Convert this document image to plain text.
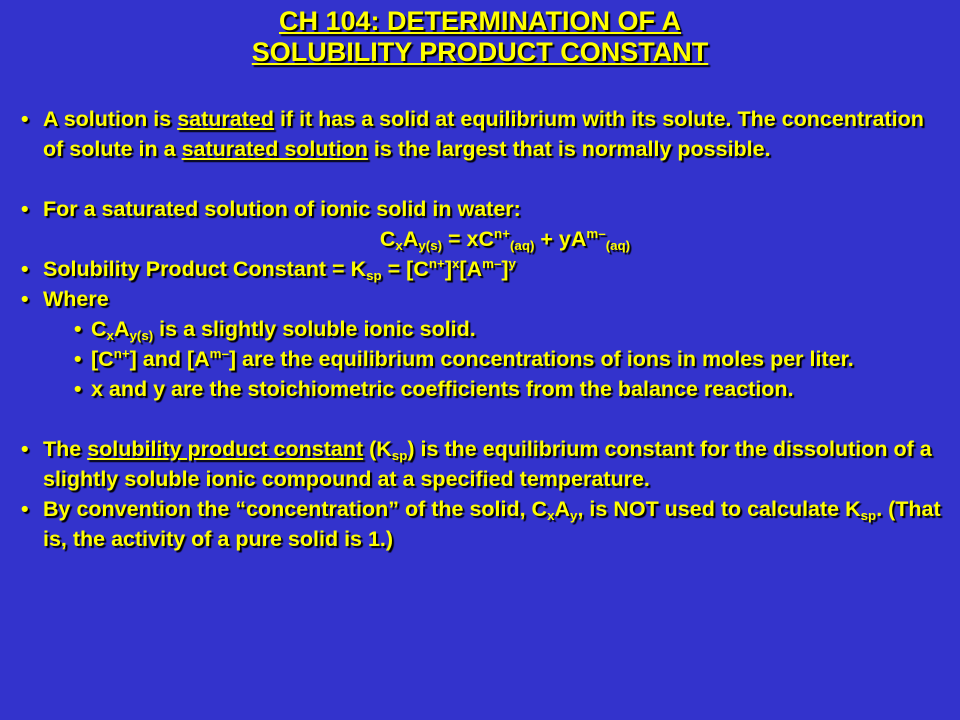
CH 104: DETERMINATION OF A
SOLUBILITY PRODUCT CONSTANT
• A solution is saturated if it has a solid at equilibrium with its solute. The concentration of solute in a saturated solution is the largest that is normally possible.
• For a saturated solution of ionic solid in water:
$C_xA_{y(s)} = xC^{n+}_{(aq)} + yA^{m-}_{(aq)}$
• Solubility Product Constant = $K_{sp} = [C^{n+}]^x[A^{m-}]^y$
• Where
• $C_xA_{y(s)}$ is a slightly soluble ionic solid.
• $[C^{n+}]$ and $[A^{m-}]$ are the equilibrium concentrations of ions in moles per liter.
• x and y are the stoichiometric coefficients from the balance reaction.
• The solubility product constant $(K_{sp})$ is the equilibrium constant for the dissolution of a slightly soluble ionic compound at a specified temperature.
• By convention the “concentration” of the solid, $C_xA_y$, is NOT used to calculate $K_{sp}$. (That is, the activity of a pure solid is 1.)
